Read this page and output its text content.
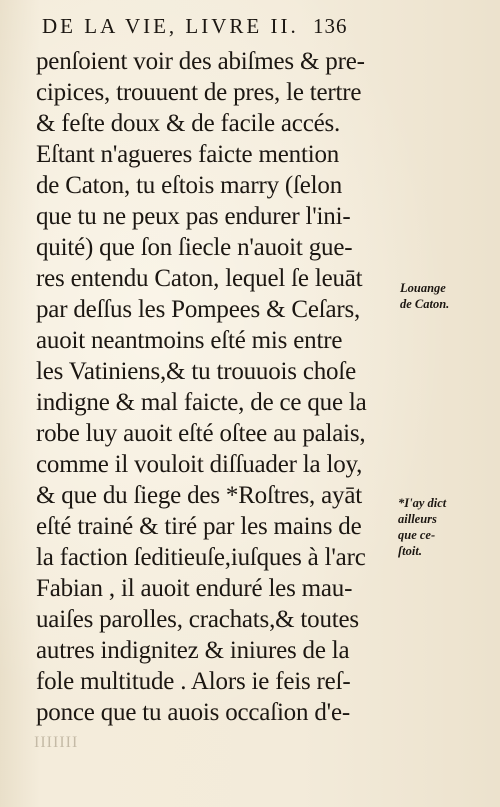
DE LA VIE, LIVRE II. 136
penſoient voir des abiſmes & pre-
cipices, trouuent de pres, le tertre
& feſte doux & de facile accés.
Eſtant n'agueres faicte mention
de Caton, tu eſtois marry (ſelon
que tu ne peux pas endurer l'ini-
quité) que ſon ſiecle n'auoit gue-
res entendu Caton, lequel ſe leuāt
par deſſus les Pompees & Ceſars,
auoit neantmoins eſté mis entre
les Vatiniens,& tu trouuois choſe
indigne & mal faicte, de ce que la
robe luy auoit eſté oſtee au palais,
comme il vouloit diſſuader la loy,
& que du ſiege des *Roſtres, ayāt
eſté trainé & tiré par les mains de
la faction ſeditieuſe,iuſques à l'arc
Fabian , il auoit enduré les mau-
uaiſes parolles, crachats,& toutes
autres indignitez & iniures de la
fole multitude . Alors ie feis reſ-
ponce que tu auois occaſion d'e-
Louange
de Caton.
*I'ay dict
ailleurs
que ce-
ſtoit.
IIIIIII
